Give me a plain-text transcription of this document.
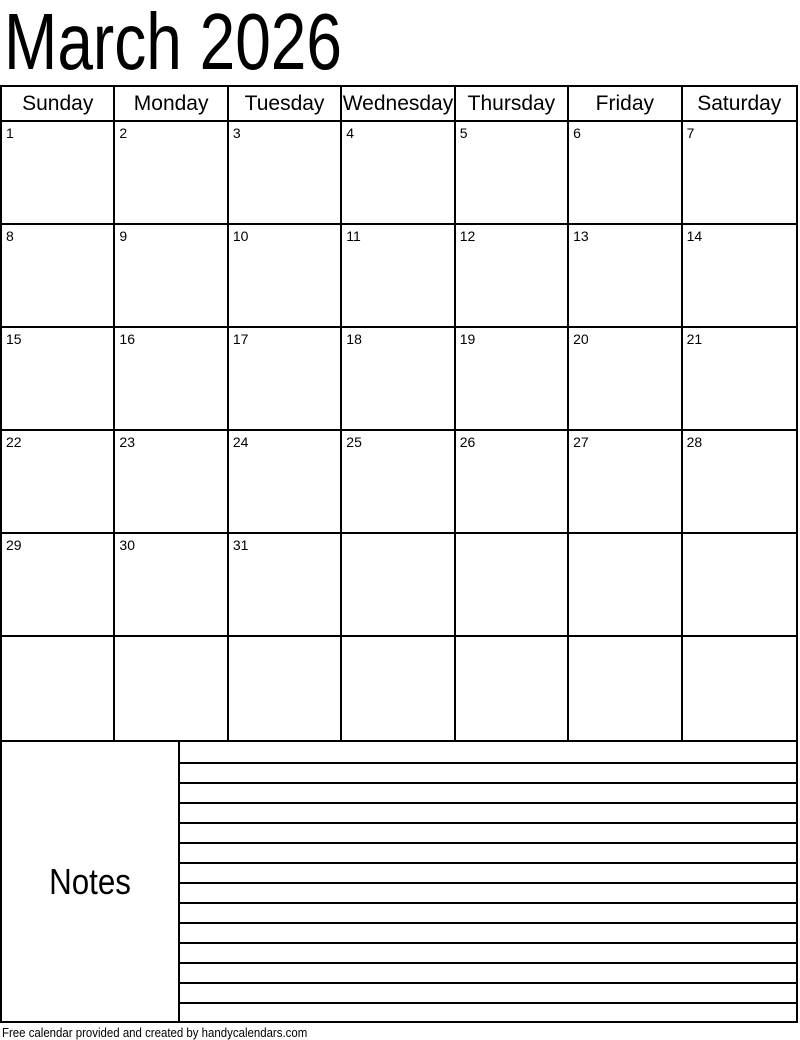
March 2026
Sunday	Monday	Tuesday Wednesday Thursday	Friday	Saturday
1	2	3	4	5	6	7
8	9	10	11	12	13	14
15	16	17	18	19	20	21
22	23	24	25	26	27	28
29	30	31
Notes
Free calendar provided and created by handycalendars.com
